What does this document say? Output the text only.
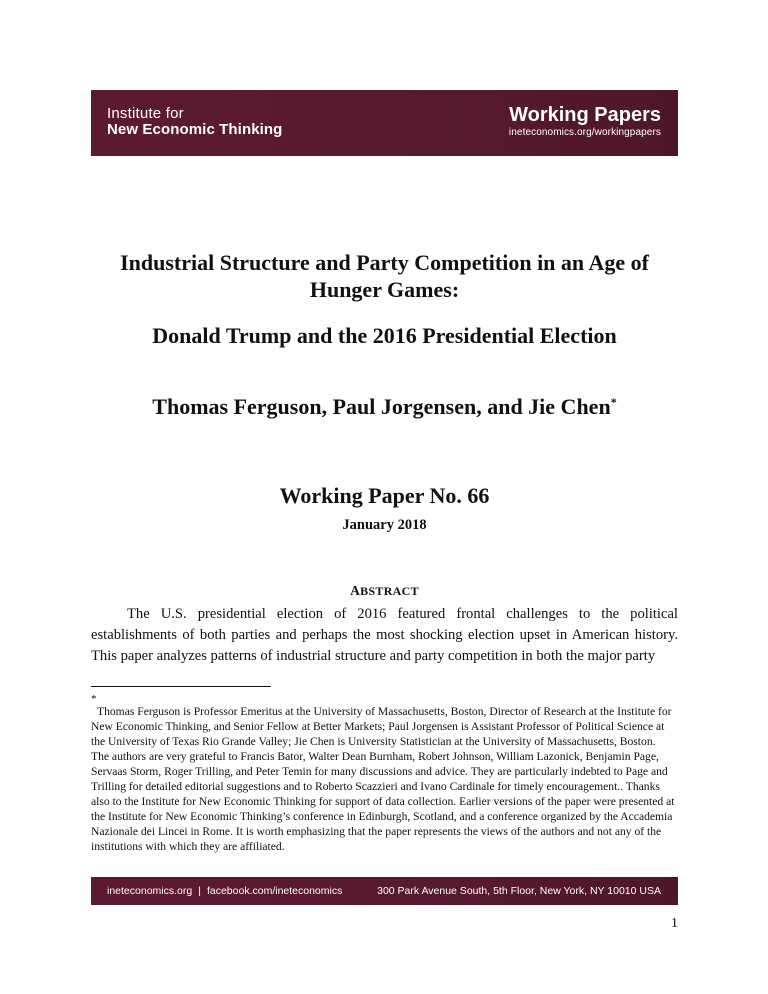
Institute for
New Economic Thinking
Working Papers
ineteconomics.org/workingpapers
Industrial Structure and Party Competition in an Age of Hunger Games:
Donald Trump and the 2016 Presidential Election
Thomas Ferguson, Paul Jorgensen, and Jie Chen*
Working Paper No. 66
January 2018
ABSTRACT
The U.S. presidential election of 2016 featured frontal challenges to the political establishments of both parties and perhaps the most shocking election upset in American history. This paper analyzes patterns of industrial structure and party competition in both the major party
*

Thomas Ferguson is Professor Emeritus at the University of Massachusetts, Boston, Director of Research at the Institute for New Economic Thinking, and Senior Fellow at Better Markets; Paul Jorgensen is Assistant Professor of Political Science at the University of Texas Rio Grande Valley; Jie Chen is University Statistician at the University of Massachusetts, Boston.

The authors are very grateful to Francis Bator, Walter Dean Burnham, Robert Johnson, William Lazonick, Benjamin Page, Servaas Storm, Roger Trilling, and Peter Temin for many discussions and advice. They are particularly indebted to Page and Trilling for detailed editorial suggestions and to Roberto Scazzieri and Ivano Cardinale for timely encouragement.. Thanks also to the Institute for New Economic Thinking for support of data collection. Earlier versions of the paper were presented at the Institute for New Economic Thinking’s conference in Edinburgh, Scotland, and a conference organized by the Accademia Nazionale dei Lincei in Rome. It is worth emphasizing that the paper represents the views of the authors and not any of the institutions with which they are affiliated.

ineteconomics.org | facebook.com/ineteconomics	300 Park Avenue South, 5th Floor, New York, NY 10010 USA
1
